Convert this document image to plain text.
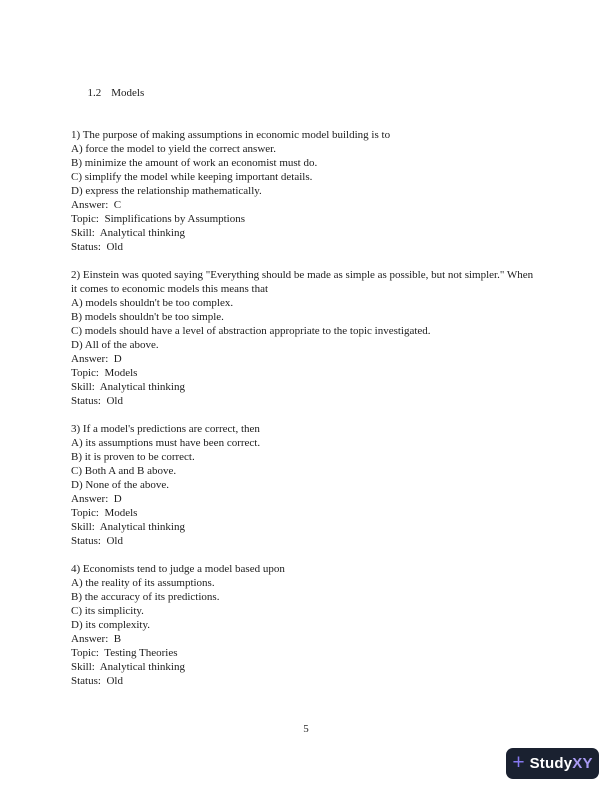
1.2 Models

1) The purpose of making assumptions in economic model building is to
A) force the model to yield the correct answer.
B) minimize the amount of work an economist must do.
C) simplify the model while keeping important details.
D) express the relationship mathematically.
Answer:  C
Topic:  Simplifications by Assumptions
Skill:  Analytical thinking
Status:  Old
2) Einstein was quoted saying "Everything should be made as simple as possible, but not simpler." When it comes to economic models this means that
A) models shouldn't be too complex.
B) models shouldn't be too simple.
C) models should have a level of abstraction appropriate to the topic investigated.
D) All of the above.
Answer:  D
Topic:  Models
Skill:  Analytical thinking
Status:  Old
3) If a model's predictions are correct, then
A) its assumptions must have been correct.
B) it is proven to be correct.
C) Both A and B above.
D) None of the above.
Answer:  D
Topic:  Models
Skill:  Analytical thinking
Status:  Old
4) Economists tend to judge a model based upon
A) the reality of its assumptions.
B) the accuracy of its predictions.
C) its simplicity.
D) its complexity.
Answer:  B
Topic:  Testing Theories
Skill:  Analytical thinking
Status:  Old
5
+ StudyXY
